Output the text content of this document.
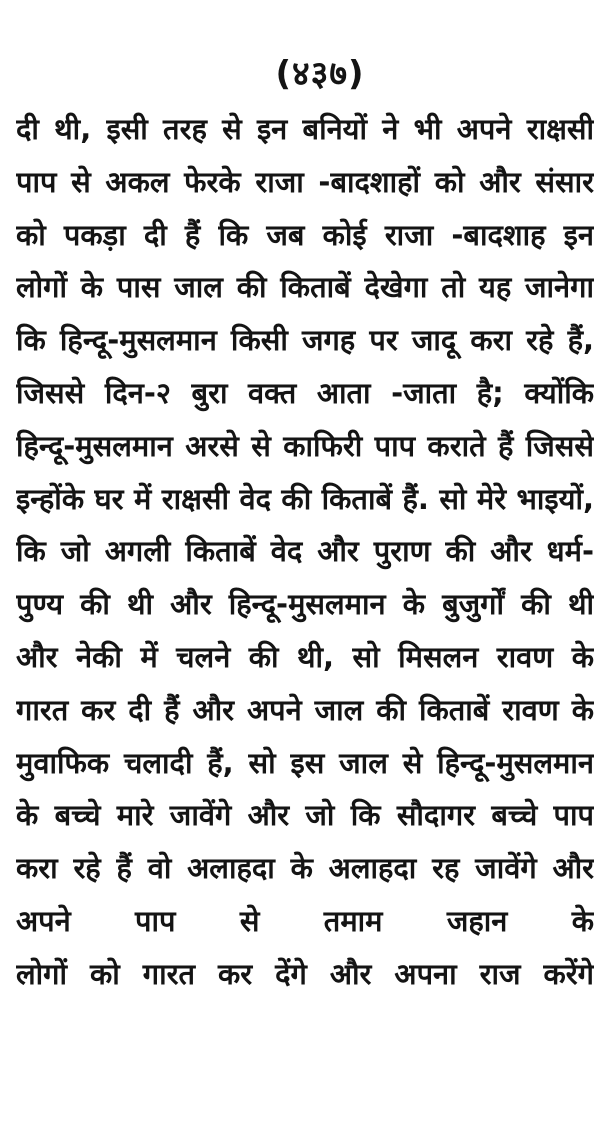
(४३७)
दी थी, इसी तरह से इन बनियों ने भी अपने राक्षसी
पाप से अकल फेरके राजा -बादशाहों को और संसार
को पकड़ा दी हैं कि जब कोई राजा -बादशाह इन
लोगों के पास जाल की किताबें देखेगा तो यह जानेगा
कि हिन्दू-मुसलमान किसी जगह पर जादू करा रहे हैं,
जिससे दिन-२ बुरा वक्त आता -जाता है; क्योंकि
हिन्दू-मुसलमान अरसे से काफिरी पाप कराते हैं जिससे
इन्होंके घर में राक्षसी वेद की किताबें हैं. सो मेरे भाइयों,
कि जो अगली किताबें वेद और पुराण की और धर्म-
पुण्य की थी और हिन्दू-मुसलमान के बुजुर्गों की थी
और नेकी में चलने की थी, सो मिसलन रावण के
गारत कर दी हैं और अपने जाल की किताबें रावण के
मुवाफिक चलादी हैं, सो इस जाल से हिन्दू-मुसलमान
के बच्चे मारे जावेंगे और जो कि सौदागर बच्चे पाप
करा रहे हैं वो अलाहदा के अलाहदा रह जावेंगे और
अपने पाप से तमाम जहान के
लोगों को गारत कर देंगे और अपना राज करेंगे
